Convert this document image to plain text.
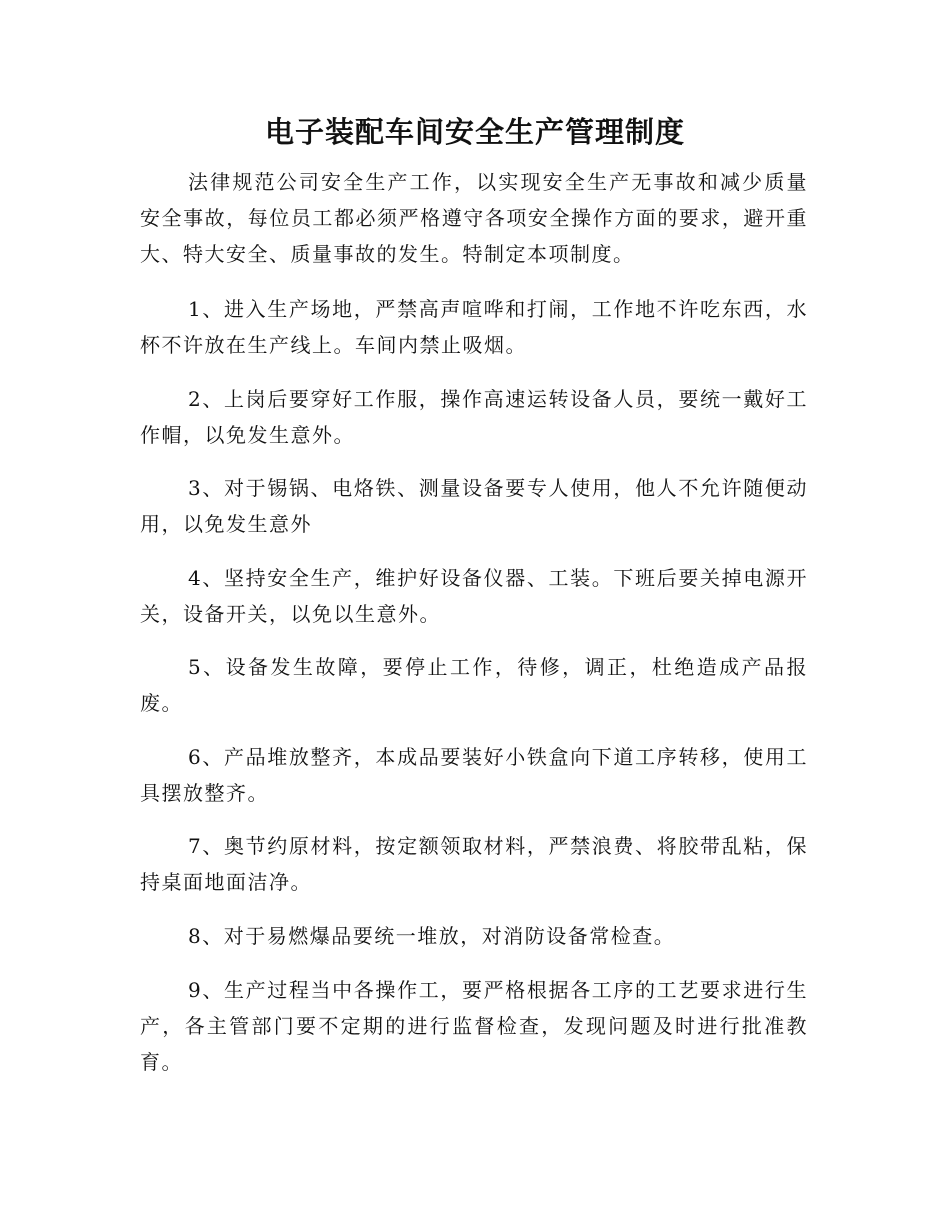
电子装配车间安全生产管理制度

法律规范公司安全生产工作，以实现安全生产无事故和减少质量安全事故，每位员工都必须严格遵守各项安全操作方面的要求，避开重大、特大安全、质量事故的发生。特制定本项制度。

1、进入生产场地，严禁高声喧哗和打闹，工作地不许吃东西，水杯不许放在生产线上。车间内禁止吸烟。

2、上岗后要穿好工作服，操作高速运转设备人员，要统一戴好工作帽，以免发生意外。

3、对于锡锅、电烙铁、测量设备要专人使用，他人不允许随便动用，以免发生意外

4、坚持安全生产，维护好设备仪器、工装。下班后要关掉电源开关，设备开关，以免以生意外。

5、设备发生故障，要停止工作，待修，调正，杜绝造成产品报废。

6、产品堆放整齐，本成品要装好小铁盒向下道工序转移，使用工具摆放整齐。

7、奥节约原材料，按定额领取材料，严禁浪费、将胶带乱粘，保持桌面地面洁净。

8、对于易燃爆品要统一堆放，对消防设备常检查。

9、生产过程当中各操作工，要严格根据各工序的工艺要求进行生产，各主管部门要不定期的进行监督检查，发现问题及时进行批准教育。
